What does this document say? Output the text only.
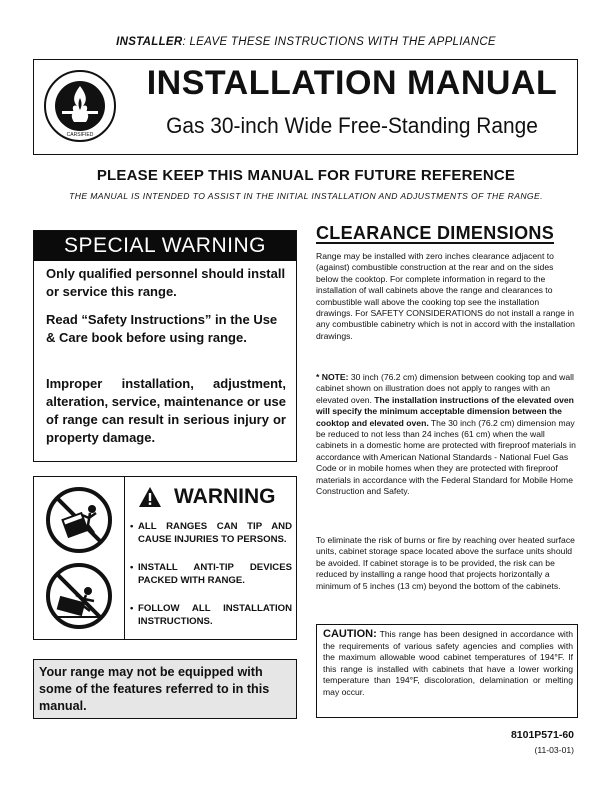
INSTALLER: LEAVE THESE INSTRUCTIONS WITH THE APPLIANCE
CARSIFIED
INSTALLATION MANUAL
Gas 30-inch Wide Free-Standing Range
PLEASE KEEP THIS MANUAL FOR FUTURE REFERENCE
THE MANUAL IS INTENDED TO ASSIST IN THE INITIAL INSTALLATION AND ADJUSTMENTS OF THE RANGE.
SPECIAL WARNING
Only qualified personnel should install or service this range.
Read “Safety Instructions” in the Use & Care book before using range.
Improper installation, adjustment, alteration, service, maintenance or use of range can result in serious injury or property damage.
WARNING
• ALL RANGES CAN TIP AND CAUSE INJURIES TO PERSONS.
• INSTALL ANTI-TIP DEVICES PACKED WITH RANGE.
• FOLLOW ALL INSTALLATION INSTRUCTIONS.
Your range may not be equipped with some of the features referred to in this manual.
CLEARANCE DIMENSIONS
Range may be installed with zero inches clearance adjacent to (against) combustible construction at the rear and on the sides below the cooktop. For complete information in regard to the installation of wall cabinets above the range and clearances to combustible wall above the cooking top see the installation drawings. For SAFETY CONSIDERATIONS do not install a range in any combustible cabinetry which is not in accord with the installation drawings.
* NOTE: 30 inch (76.2 cm) dimension between cooking top and wall cabinet shown on illustration does not apply to ranges with an elevated oven. The installation instructions of the elevated oven will specify the minimum acceptable dimension between the cooktop and elevated oven. The 30 inch (76.2 cm) dimension may be reduced to not less than 24 inches (61 cm) when the wall cabinets in a domestic home are protected with fireproof materials in accordance with American National Standards - National Fuel Gas Code or in mobile homes when they are protected with fireproof materials in accordance with the Federal Standard for Mobile Home Construction and Safety.
To eliminate the risk of burns or fire by reaching over heated surface units, cabinet storage space located above the surface units should be avoided. If cabinet storage is to be provided, the risk can be reduced by installing a range hood that projects horizontally a minimum of 5 inches (13 cm) beyond the bottom of the cabinets.
CAUTION: This range has been designed in accordance with the requirements of various safety agencies and complies with the maximum allowable wood cabinet temperatures of 194°F. If this range is installed with cabinets that have a lower working temperature than 194°F, discoloration, delamination or melting may occur.
8101P571-60
(11-03-01)
